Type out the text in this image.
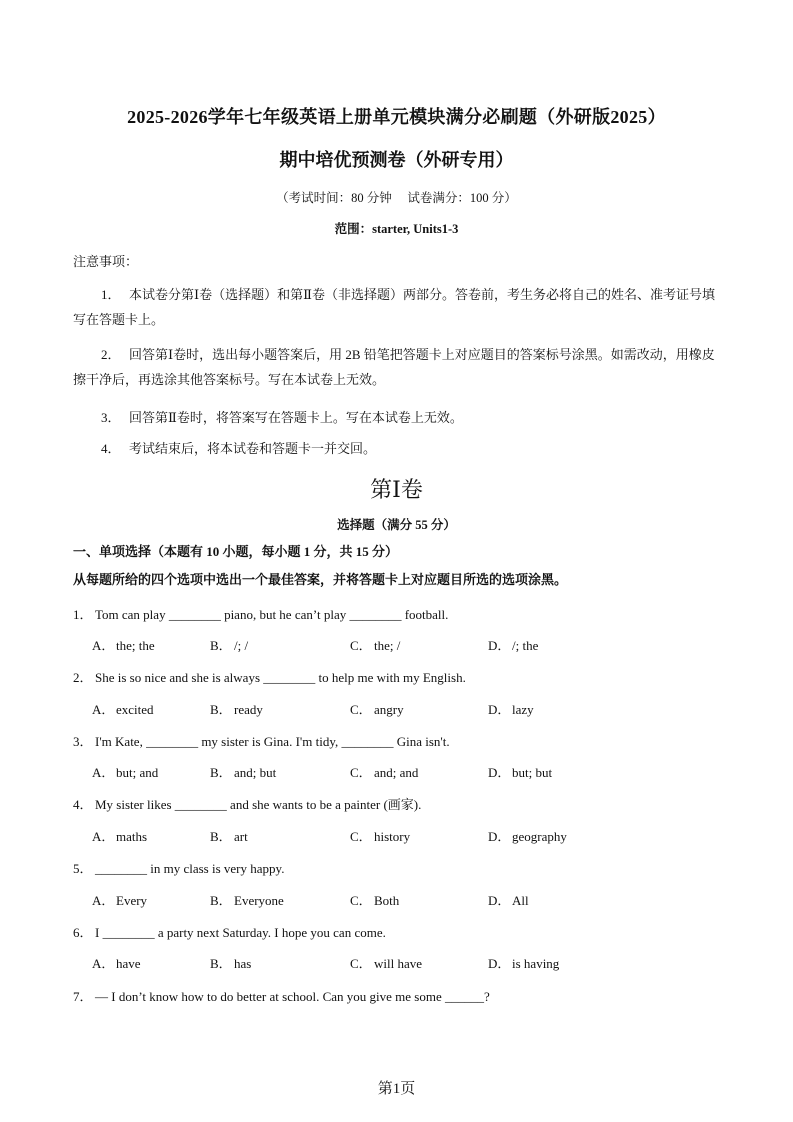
2025-2026学年七年级英语上册单元模块满分必刷题（外研版2025）
期中培优预测卷（外研专用）
（考试时间：80 分钟　 试卷满分：100 分）
范围：starter, Units1-3
注意事项：
1． 本试卷分第Ⅰ卷（选择题）和第Ⅱ卷（非选择题）两部分。答卷前，考生务必将自己的姓名、准考证号填写在答题卡上。
2． 回答第Ⅰ卷时，选出每小题答案后，用 2B 铅笔把答题卡上对应题目的答案标号涂黑。如需改动，用橡皮擦干净后，再选涂其他答案标号。写在本试卷上无效。
3． 回答第Ⅱ卷时，将答案写在答题卡上。写在本试卷上无效。
4． 考试结束后，将本试卷和答题卡一并交回。
第Ⅰ卷
选择题（满分 55 分）
一、单项选择（本题有 10 小题，每小题 1 分，共 15 分）
从每题所给的四个选项中选出一个最佳答案，并将答题卡上对应题目所选的选项涂黑。
1． Tom can play ________ piano, but he can’t play ________ football.
A． the; the	B． /; /	C． the; /	D． /; the
2． She is so nice and she is always ________ to help me with my English.
A． excited	B． ready	C． angry	D． lazy
3． I'm Kate, ________ my sister is Gina. I'm tidy, ________ Gina isn't.
A． but; and	B． and; but	C． and; and	D． but; but
4． My sister likes ________ and she wants to be a painter (画家).
A． maths	B． art	C． history	D． geography
5． ________ in my class is very happy.
A． Every	B． Everyone	C． Both	D． All
6． I ________ a party next Saturday. I hope you can come.
A． have	B． has	C． will have	D． is having
7． — I don’t know how to do better at school. Can you give me some ______?
第1页
